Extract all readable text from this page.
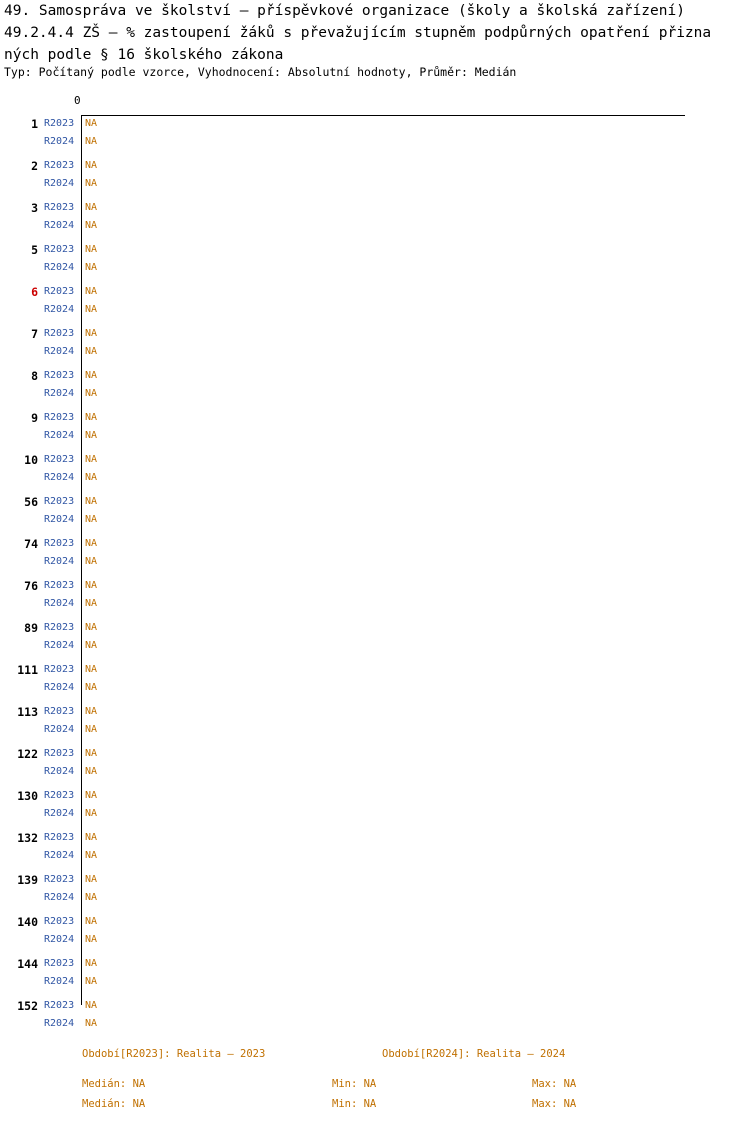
49. Samospráva ve školství – příspěvkové organizace (školy a školská zařízení)
49.2.4.4 ZŠ – % zastoupení žáků s převažujícím stupněm podpůrných opatření přizna
ných podle § 16 školského zákona
Typ: Počítaný podle vzorce, Vyhodnocení: Absolutní hodnoty, Průměr: Medián
0
1 R2023 NA
R2024 NA
2 R2023 NA
R2024 NA
3 R2023 NA
R2024 NA
5 R2023 NA
R2024 NA
6 R2023 NA
R2024 NA
7 R2023 NA
R2024 NA
8 R2023 NA
R2024 NA
9 R2023 NA
R2024 NA
10 R2023 NA
R2024 NA
56 R2023 NA
R2024 NA
74 R2023 NA
R2024 NA
76 R2023 NA
R2024 NA
89 R2023 NA
R2024 NA
111 R2023 NA
R2024 NA
113 R2023 NA
R2024 NA
122 R2023 NA
R2024 NA
130 R2023 NA
R2024 NA
132 R2023 NA
R2024 NA
139 R2023 NA
R2024 NA
140 R2023 NA
R2024 NA
144 R2023 NA
R2024 NA
152 R2023 NA
R2024 NA
Období[R2023]: Realita – 2023	Období[R2024]: Realita – 2024
Medián: NA	Min: NA	Max: NA
Medián: NA	Min: NA	Max: NA
